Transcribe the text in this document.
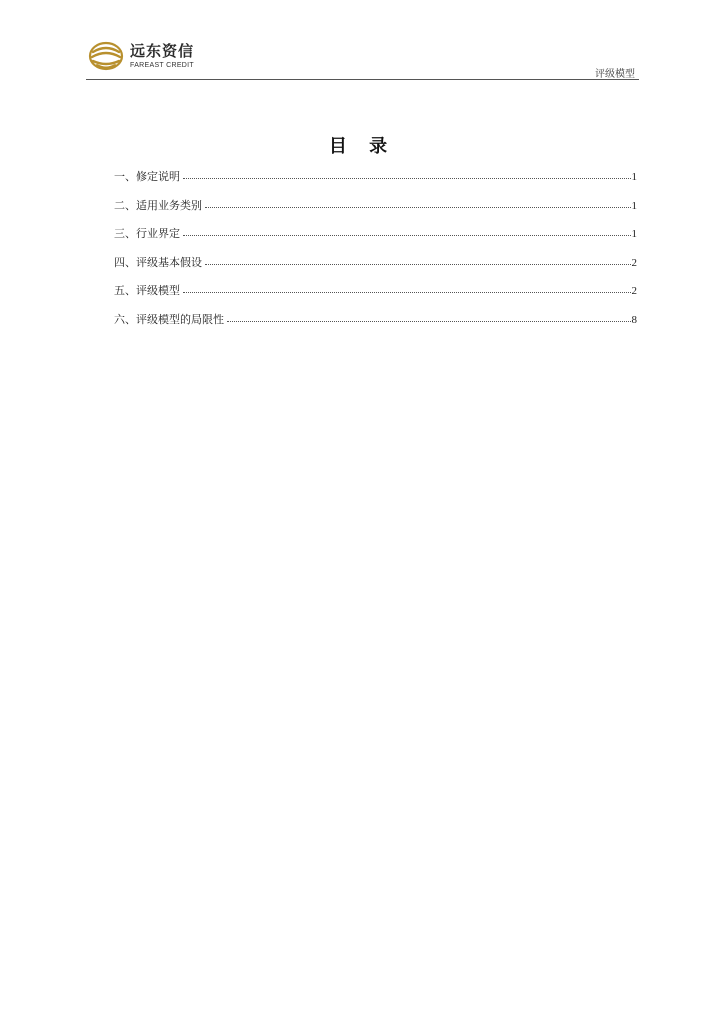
远东资信
FAREAST CREDIT
评级模型
目 录
一、修定说明	1
二、适用业务类别	1
三、行业界定	1
四、评级基本假设	2
五、评级模型	2
六、评级模型的局限性	8
